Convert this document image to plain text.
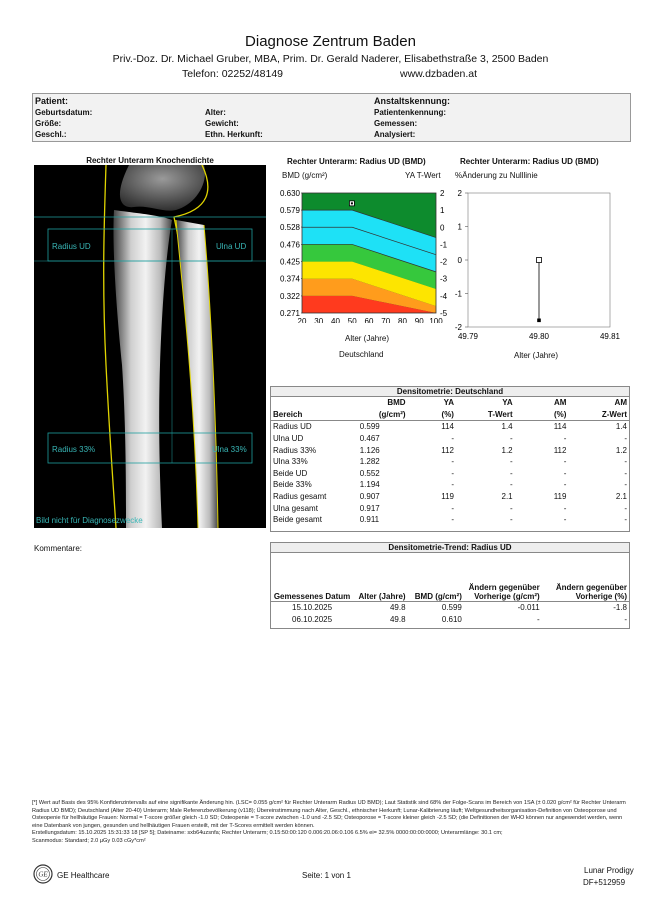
Diagnose Zentrum Baden
Priv.-Doz. Dr. Michael Gruber, MBA, Prim. Dr. Gerald Naderer, Elisabethstraße 3, 2500 Baden
Telefon: 02252/48149	www.dzbaden.at
Patient:
Geburtsdatum:
Größe:
Geschl.:
Alter:
Gewicht:
Ethn. Herkunft:
Anstaltskennung:
Patientenkennung:
Gemessen:
Analysiert:
Rechter Unterarm Knochendichte
Radius UD	Ulna UD
Radius 33%	Ulna 33%
Bild nicht für Diagnosezwecke
Rechter Unterarm: Radius UD (BMD)
BMD (g/cm²)	YA T-Wert
0.630
0.579
0.528
0.476
0.425
0.374
0.322
0.271
2
1
0
-1
-2
-3
-4
-5
20 30 40 50 60 70 80 90 100
Alter (Jahre)
Deutschland
Rechter Unterarm: Radius UD (BMD)
%Änderung zu Nulllinie
2
1
0
-1
-2
49.79	49.80	49.81
Alter (Jahre)
Densitometrie: Deutschland
	BMD	YA	YA	AM	AM
Bereich	(g/cm²)	(%)	T-Wert	(%)	Z-Wert
Radius UD	0.599	114	1.4	114	1.4
Ulna UD	0.467	-	-	-	-
Radius 33%	1.126	112	1.2	112	1.2
Ulna 33%	1.282	-	-	-	-
Beide UD	0.552	-	-	-	-
Beide 33%	1.194	-	-	-	-
Radius gesamt	0.907	119	2.1	119	2.1
Ulna gesamt	0.917	-	-	-	-
Beide gesamt	0.911	-	-	-	-
Kommentare:	Densitometrie-Trend: Radius UD
Gemessenes Datum	Alter (Jahre)	BMD (g/cm²)	Ändern gegenüber Vorherige (g/cm²)	Ändern gegenüber Vorherige (%)
15.10.2025	49.8	0.599	-0.011	-1.8
06.10.2025	49.8	0.610	-	-
[*] Wert auf Basis des 95% Konfidenzintervalls auf eine signifikante Änderung hin. (LSC= 0.055 g/cm² für Rechter Unterarm Radius UD BMD); Laut Statistik sind 68% der Folge-Scans im Bereich von 1SA (± 0.020 g/cm² für Rechter Unterarm Radius UD BMD); Deutschland (Alter 20-40) Unterarm; Male Referenzbevölkerung (v118); Übereinstimmung nach Alter, Geschl., ethnischer Herkunft; Lunar-Kalibrierung läuft; Weltgesundheitsorganisation-Definition von Osteoporose und Osteopenie für hellhäutige Frauen: Normal = T-score größer gleich -1.0 SD; Osteopenie = T-score zwischen -1.0 und -2.5 SD; Osteoporose = T-score kleiner gleich -2.5 SD; (die Definitionen der WHO können nur angewendet werden, wenn eine Datenbank von jungen, gesunden und hellhäutigen Frauen ersteilt, mit der T-Scores ermittelt werden können.
Erstellungsdatum: 15.10.2025 15:31:33 18 [SP 5]; Dateiname: sxb64uzsnfa; Rechter Unterarm; 0.15:50:00:120 0.006:20.06:0.106 6.5% ei= 32.5% 0000:00:00:0000; Unterarmlänge: 30.1 cm;
Scanmodus: Standard; 2.0 µGy 0.03 cGy*cm²
GE GE Healthcare	Seite: 1 von 1
Lunar Prodigy
DF+512959
